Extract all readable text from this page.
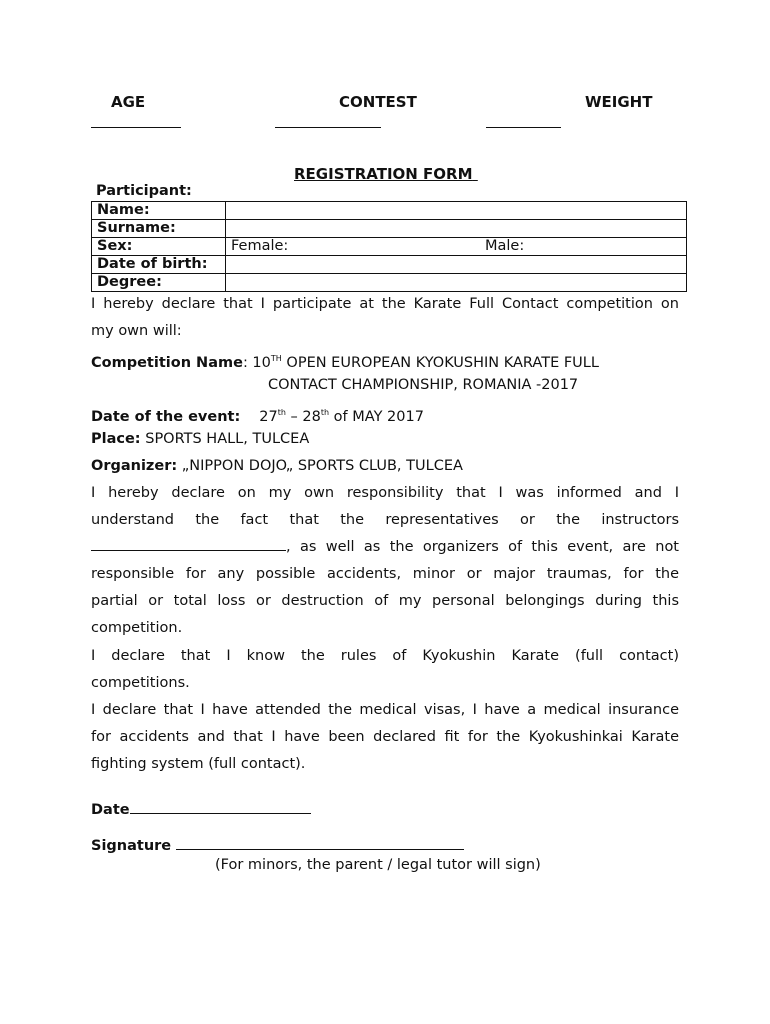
AGE	CONTEST	WEIGHT
REGISTRATION FORM
Participant:
Name:	
Surname:	
Sex:	Female: Male:

Date of birth:	
Degree:	
I hereby declare that I participate at the Karate Full Contact competition on
my own will:
Competition Name: 10TH OPEN EUROPEAN KYOKUSHIN KARATE FULL
CONTACT CHAMPIONSHIP, ROMANIA -2017
Date of the event: 27th – 28th of MAY 2017
Place: SPORTS HALL, TULCEA
Organizer: „NIPPON DOJO„ SPORTS CLUB, TULCEA
I hereby declare on my own responsibility that I was informed and I
understand the fact that the representatives or the instructors
, as well as the organizers of this event, are not
responsible for any possible accidents, minor or major traumas, for the
partial or total loss or destruction of my personal belongings during this
competition.
I declare that I know the rules of Kyokushin Karate (full contact)
competitions.
I declare that I have attended the medical visas, I have a medical insurance
for accidents and that I have been declared fit for the Kyokushinkai Karate
fighting system (full contact).
Date
Signature
(For minors, the parent / legal tutor will sign)
